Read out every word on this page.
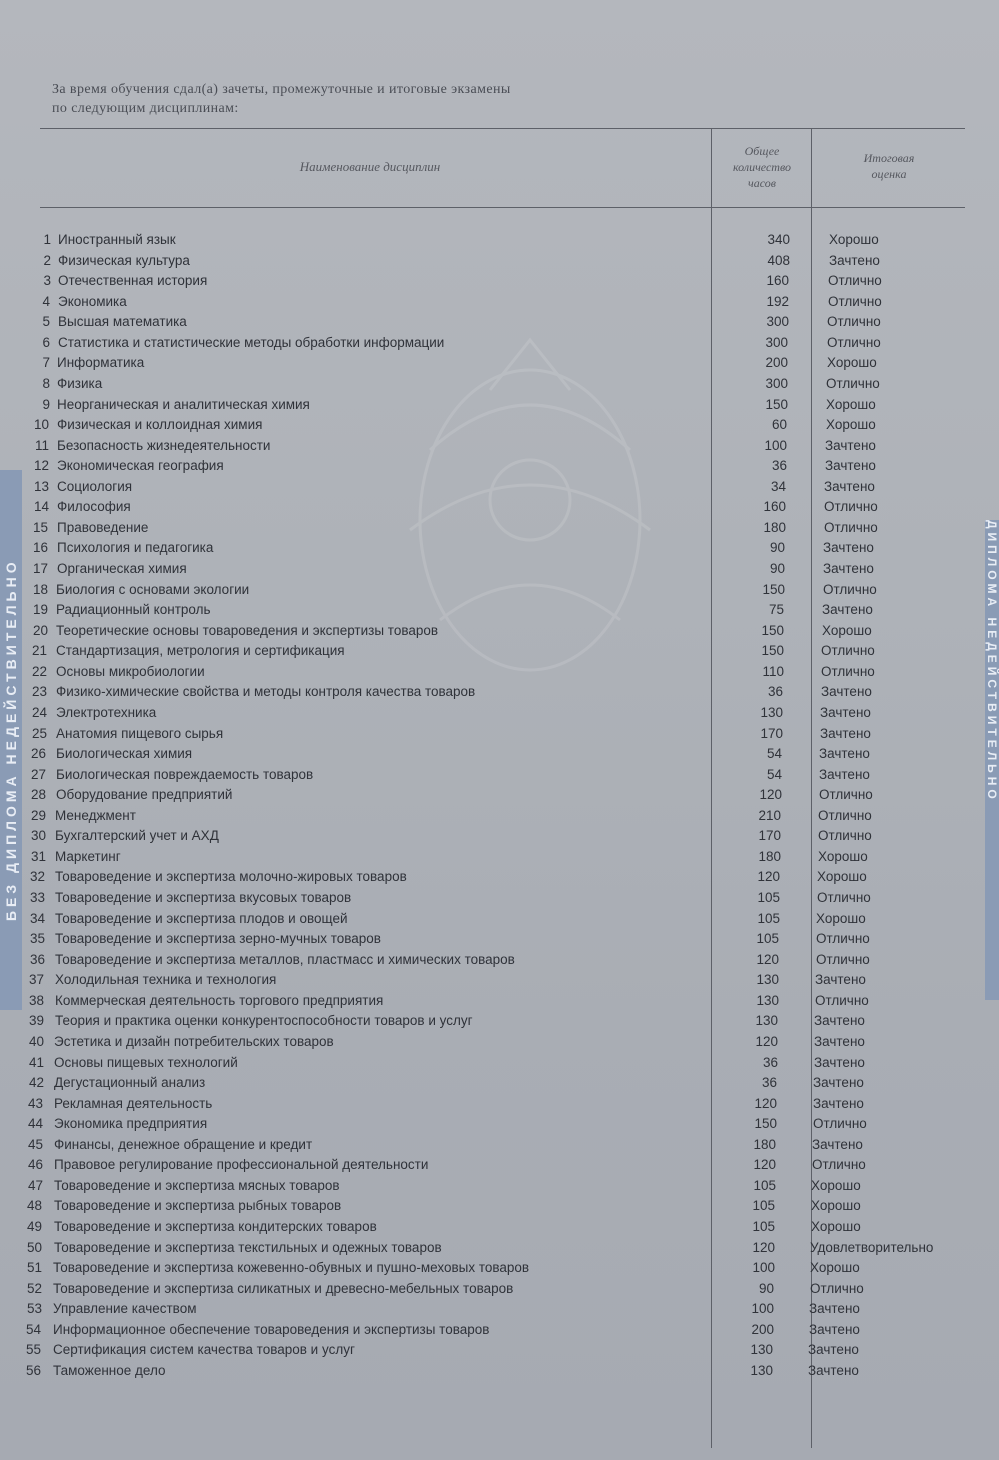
БЕЗ ДИПЛОМА НЕДЕЙСТВИТЕЛЬНО	ДИПЛОМА НЕДЕЙСТВИТЕЛЬНО
За время обучения сдал(а) зачеты, промежуточные и итоговые экзамены
по следующим дисциплинам:
Наименование дисциплин
Общее
количество
часов
Итоговая
оценка
1 Иностранный язык	340	Хорошо
2 Физическая культура	408	Зачтено
3 Отечественная история	160	Отлично
4 Экономика	192	Отлично
5 Высшая математика	300	Отлично
6 Статистика и статистические методы обработки информации	300	Отлично
7 Информатика	200	Хорошо
8 Физика	300	Отлично
9 Неорганическая и аналитическая химия	150	Хорошо
10 Физическая и коллоидная химия	60	Хорошо
11 Безопасность жизнедеятельности	100	Зачтено
12 Экономическая география	36	Зачтено
13 Социология	34	Зачтено
14 Философия	160	Отлично
15 Правоведение	180	Отлично
16 Психология и педагогика	90	Зачтено
17 Органическая химия	90	Зачтено
18 Биология с основами экологии	150	Отлично
19 Радиационный контроль	75	Зачтено
20 Теоретические основы товароведения и экспертизы товаров	150	Хорошо
21 Стандартизация, метрология и сертификация	150	Отлично
22 Основы микробиологии	110	Отлично
23 Физико-химические свойства и методы контроля качества товаров	36	Зачтено
24 Электротехника	130	Зачтено
25 Анатомия пищевого сырья	170	Зачтено
26 Биологическая химия	54	Зачтено
27 Биологическая повреждаемость товаров	54	Зачтено
28 Оборудование предприятий	120	Отлично
29 Менеджмент	210	Отлично
30 Бухгалтерский учет и АХД	170	Отлично
31 Маркетинг	180	Хорошо
32 Товароведение и экспертиза молочно-жировых товаров	120	Хорошо
33 Товароведение и экспертиза вкусовых товаров	105	Отлично
34 Товароведение и экспертиза плодов и овощей	105	Хорошо
35 Товароведение и экспертиза зерно-мучных товаров	105	Отлично
36 Товароведение и экспертиза металлов, пластмасс и химических товаров	120	Отлично
37 Холодильная техника и технология	130	Зачтено
38 Коммерческая деятельность торгового предприятия	130	Отлично
39 Теория и практика оценки конкурентоспособности товаров и услуг	130	Зачтено
40 Эстетика и дизайн потребительских товаров	120	Зачтено
41 Основы пищевых технологий	36	Зачтено
42 Дегустационный анализ	36	Зачтено
43 Рекламная деятельность	120	Зачтено
44 Экономика предприятия	150	Отлично
45 Финансы, денежное обращение и кредит	180	Зачтено
46 Правовое регулирование профессиональной деятельности	120	Отлично
47 Товароведение и экспертиза мясных товаров	105	Хорошо
48 Товароведение и экспертиза рыбных товаров	105	Хорошо
49 Товароведение и экспертиза кондитерских товаров	105	Хорошо
50 Товароведение и экспертиза текстильных и одежных товаров	120	Удовлетворительно
51 Товароведение и экспертиза кожевенно-обувных и пушно-меховых товаров	100	Хорошо
52 Товароведение и экспертиза силикатных и древесно-мебельных товаров	90	Отлично
53 Управление качеством	100	Зачтено
54 Информационное обеспечение товароведения и экспертизы товаров	200	Зачтено
55 Сертификация систем качества товаров и услуг	130	Зачтено
56 Таможенное дело	130	Зачтено
